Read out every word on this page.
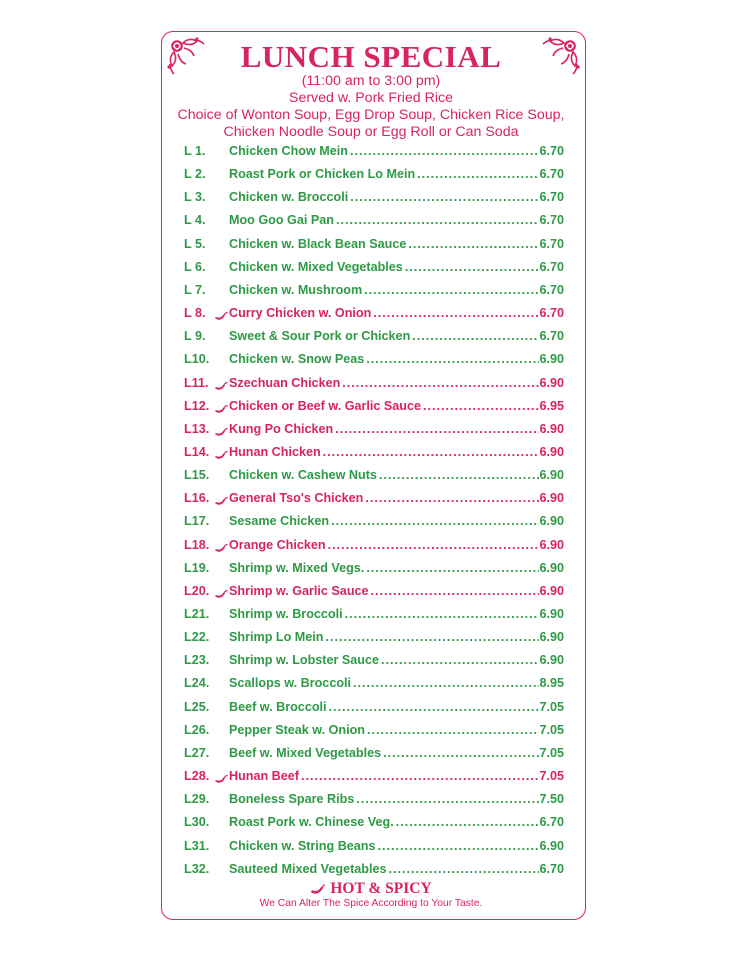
LUNCH SPECIAL
(11:00 am to 3:00 pm)
Served w. Pork Fried Rice
Choice of Wonton Soup, Egg Drop Soup, Chicken Rice Soup,
Chicken Noodle Soup or Egg Roll or Can Soda
L 1.	Chicken Chow Mein .....	6.70
L 2.	Roast Pork or Chicken Lo Mein .....	6.70
L 3.	Chicken w. Broccoli .....	6.70
L 4.	Moo Goo Gai Pan .....	6.70
L 5.	Chicken w. Black Bean Sauce .....	6.70
L 6.	Chicken w. Mixed Vegetables .....	6.70
L 7.	Chicken w. Mushroom .....	6.70
L 8.	Curry Chicken w. Onion .....	6.70
L 9.	Sweet & Sour Pork or Chicken .....	6.70
L10. Chicken w. Snow Peas .....	6.90
L11. Szechuan Chicken .....	6.90
L12. Chicken or Beef w. Garlic Sauce .....	6.95
L13. Kung Po Chicken .....	6.90
L14. Hunan Chicken .....	6.90
L15. Chicken w. Cashew Nuts .....	6.90
L16. General Tso's Chicken .....	6.90
L17. Sesame Chicken .....	6.90
L18. Orange Chicken .....	6.90
L19. Shrimp w. Mixed Vegs. .....	6.90
L20. Shrimp w. Garlic Sauce .....	6.90
L21. Shrimp w. Broccoli .....	6.90
L22. Shrimp Lo Mein .....	6.90
L23. Shrimp w. Lobster Sauce .....	6.90
L24. Scallops w. Broccoli .....	8.95
L25. Beef w. Broccoli .....	7.05
L26. Pepper Steak w. Onion .....	7.05
L27. Beef w. Mixed Vegetables .....	7.05
L28. Hunan Beef .....	7.05
L29. Boneless Spare Ribs .....	7.50
L30. Roast Pork w. Chinese Veg. .....	6.70
L31. Chicken w. String Beans .....	6.90
L32. Sauteed Mixed Vegetables .....	6.70
HOT & SPICY
We Can Alter The Spice According to Your Taste.
